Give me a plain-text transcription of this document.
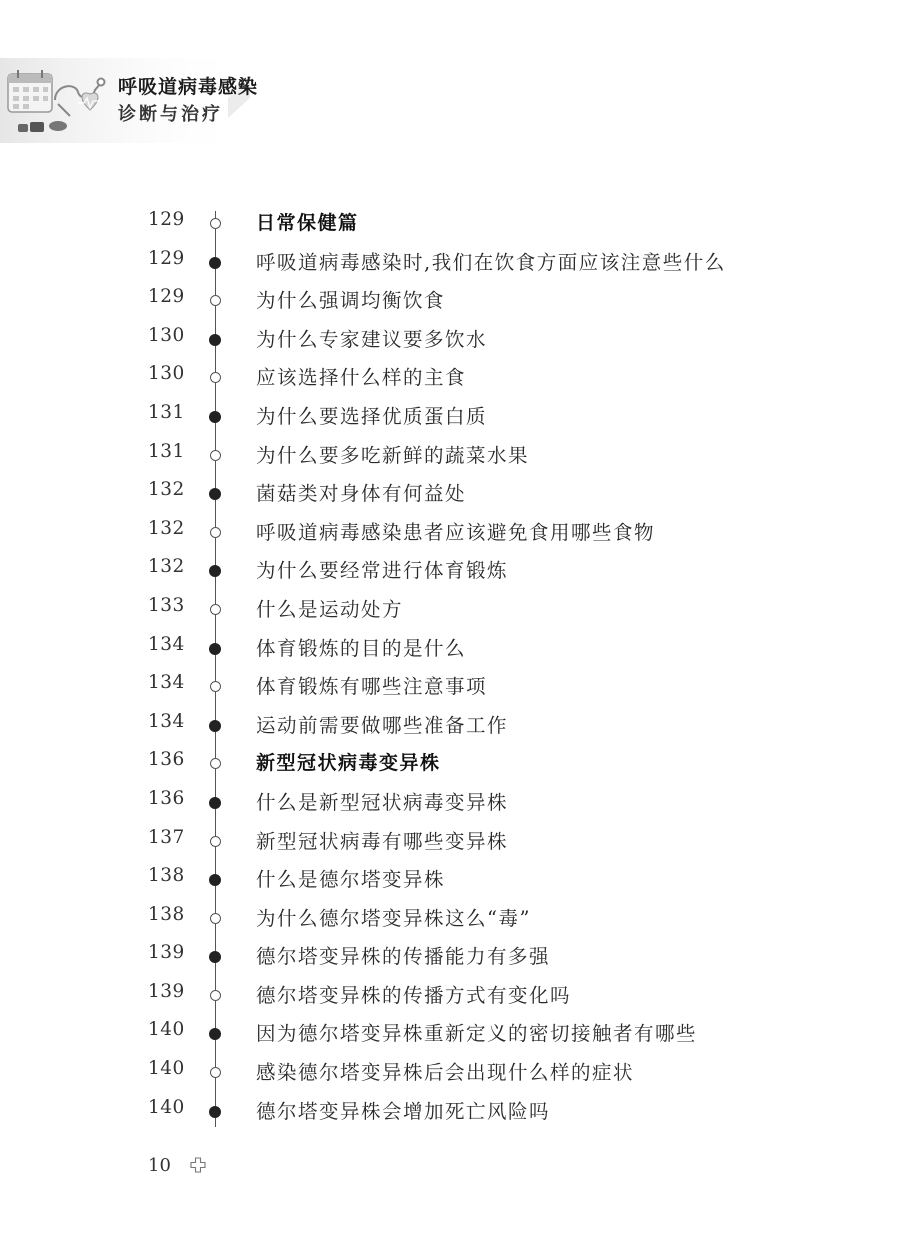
呼吸道病毒感染
诊断与治疗
129	日常保健篇
129	呼吸道病毒感染时,我们在饮食方面应该注意些什么
129	为什么强调均衡饮食
130	为什么专家建议要多饮水
130	应该选择什么样的主食
131	为什么要选择优质蛋白质
131	为什么要多吃新鲜的蔬菜水果
132	菌菇类对身体有何益处
132	呼吸道病毒感染患者应该避免食用哪些食物
132	为什么要经常进行体育锻炼
133	什么是运动处方
134	体育锻炼的目的是什么
134	体育锻炼有哪些注意事项
134	运动前需要做哪些准备工作
136	新型冠状病毒变异株
136	什么是新型冠状病毒变异株
137	新型冠状病毒有哪些变异株
138	什么是德尔塔变异株
138	为什么德尔塔变异株这么“毒”
139	德尔塔变异株的传播能力有多强
139	德尔塔变异株的传播方式有变化吗
140	因为德尔塔变异株重新定义的密切接触者有哪些
140	感染德尔塔变异株后会出现什么样的症状
140	德尔塔变异株会增加死亡风险吗
10
